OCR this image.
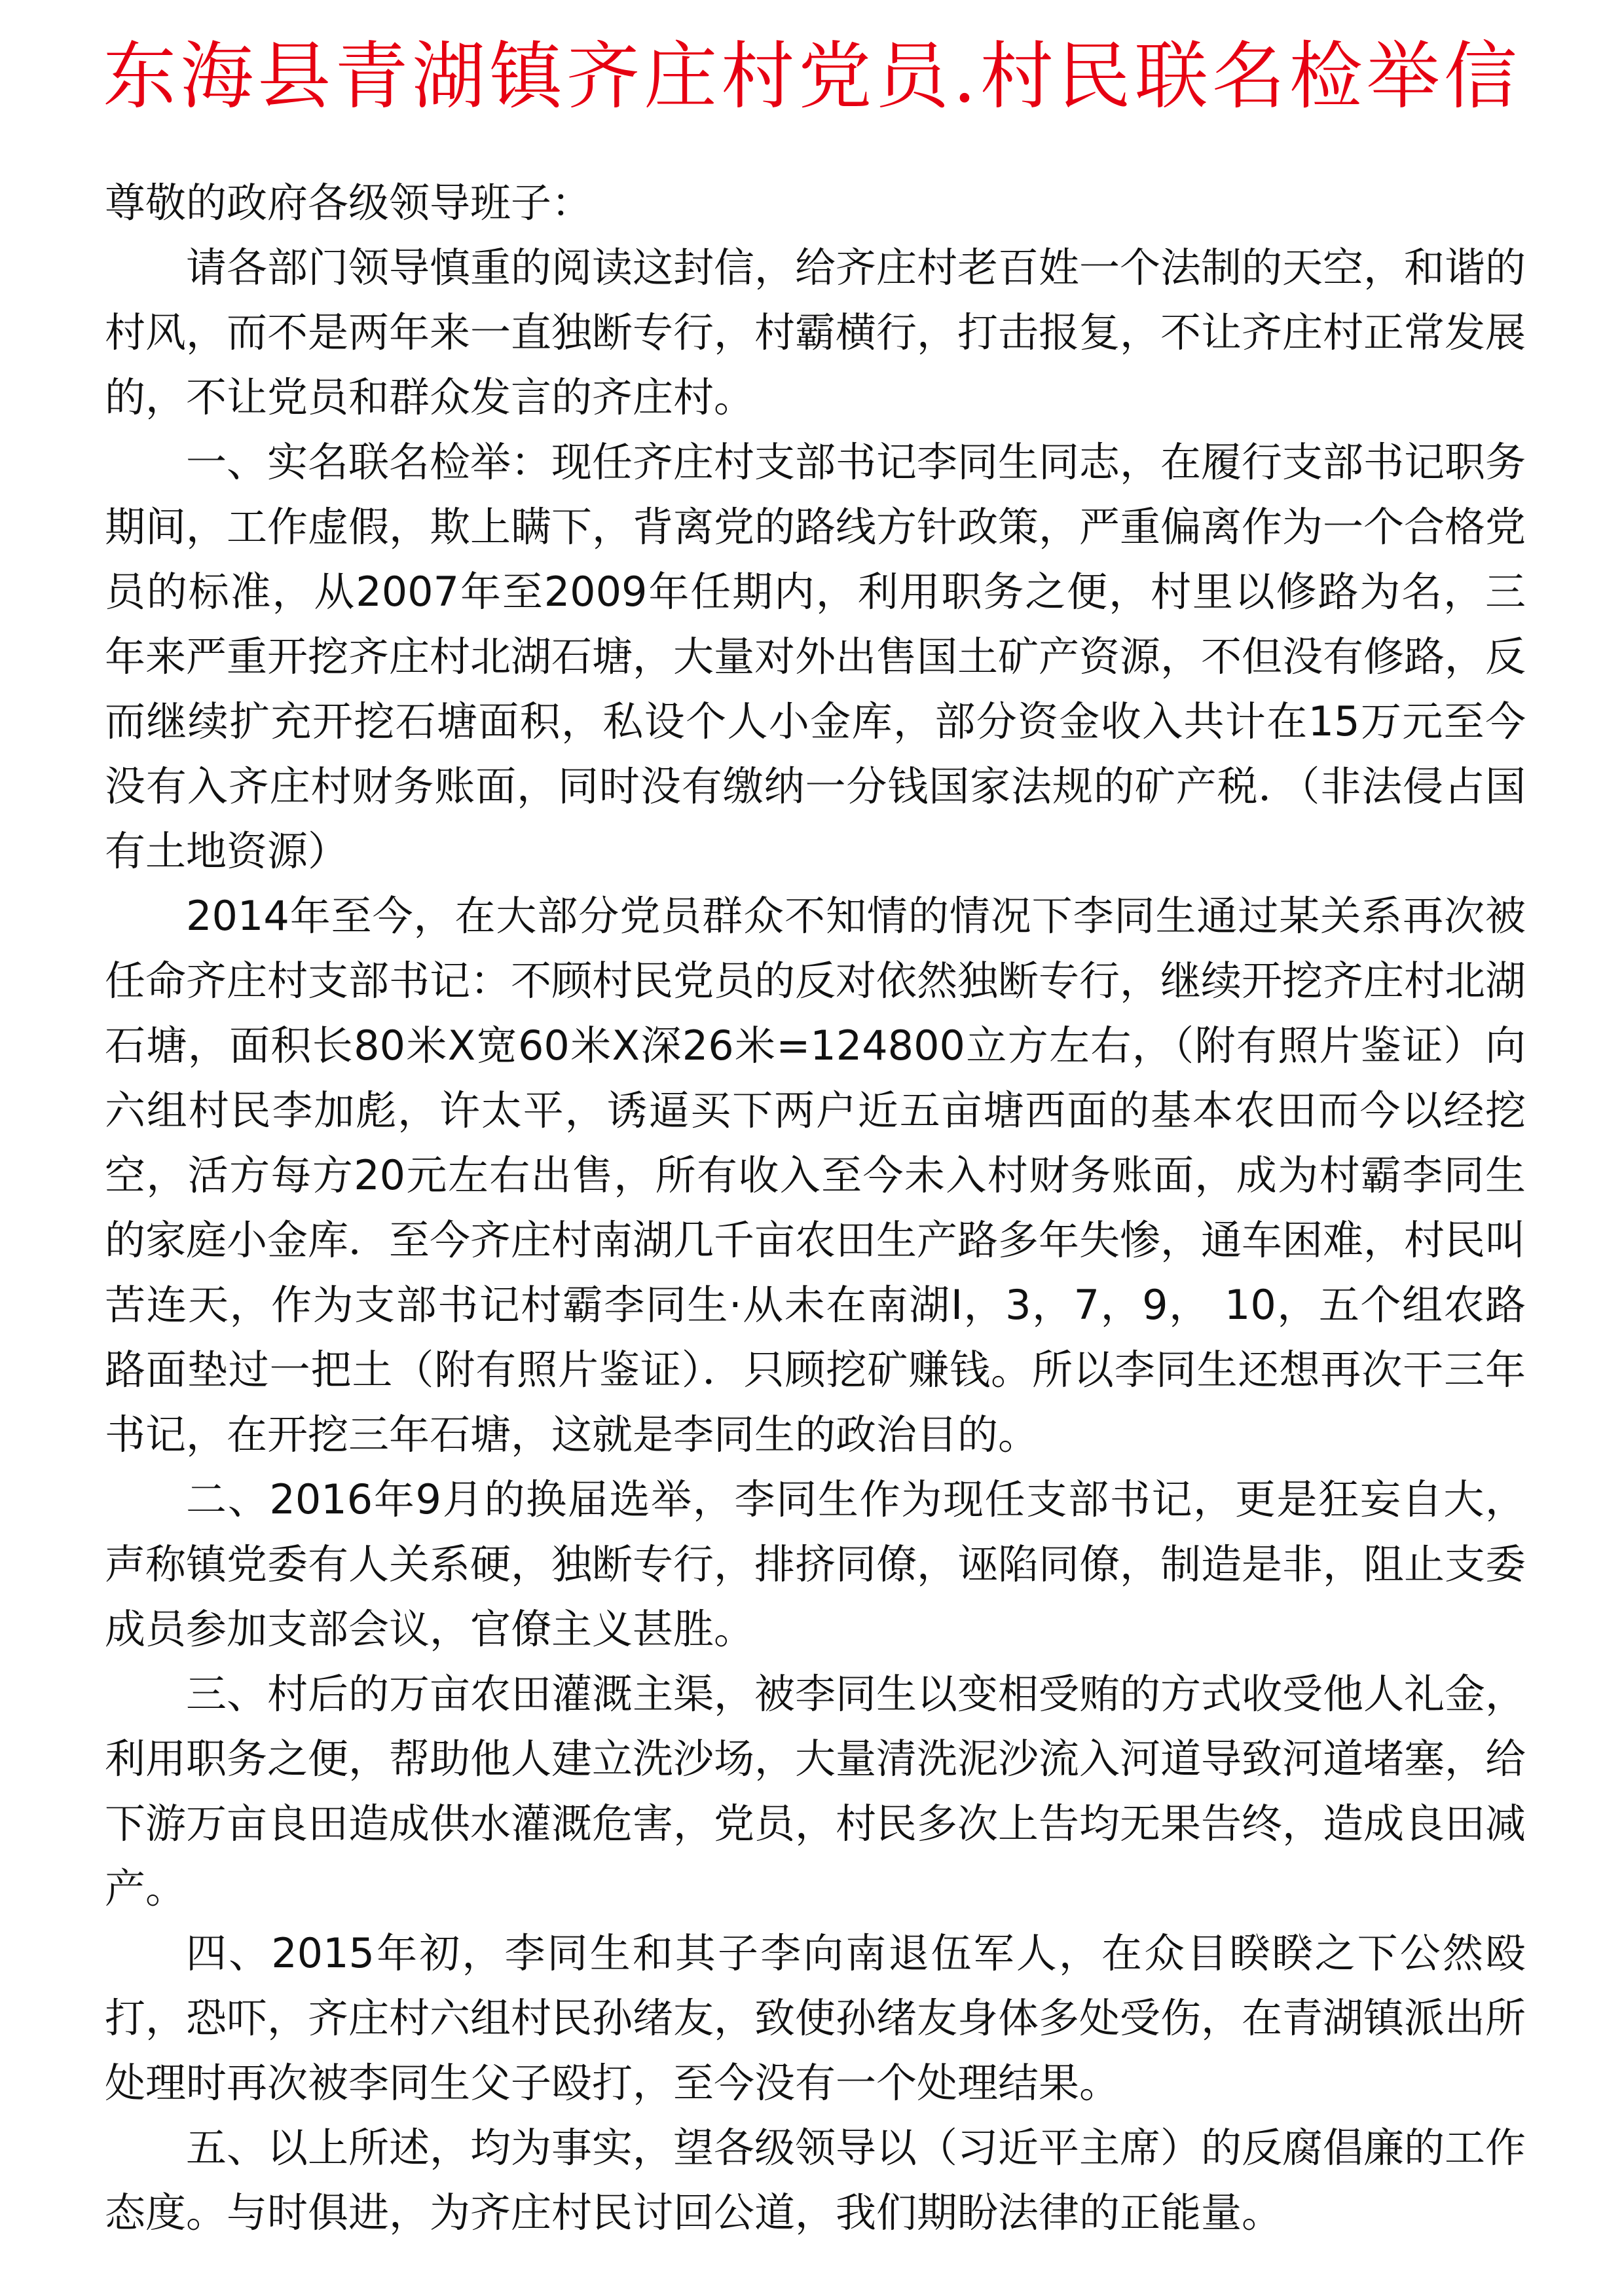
东海县青湖镇齐庄村党员.村民联名检举信

尊敬的政府各级领导班子：

请各部门领导慎重的阅读这封信，给齐庄村老百姓一个法制的天空，和谐的村风，而不是两年来一直独断专行，村霸横行，打击报复，不让齐庄村正常发展的，不让党员和群众发言的齐庄村。

一、实名联名检举：现任齐庄村支部书记李同生同志，在履行支部书记职务期间，工作虚假，欺上瞒下，背离党的路线方针政策，严重偏离作为一个合格党员的标准，从2007年至2009年任期内，利用职务之便，村里以修路为名，三年来严重开挖齐庄村北湖石塘，大量对外出售国土矿产资源，不但没有修路，反而继续扩充开挖石塘面积，私设个人小金库，部分资金收入共计在15万元至今没有入齐庄村财务账面，同时没有缴纳一分钱国家法规的矿产税．（非法侵占国有土地资源）

2014年至今，在大部分党员群众不知情的情况下李同生通过某关系再次被任命齐庄村支部书记：不顾村民党员的反对依然独断专行，继续开挖齐庄村北湖石塘，面积长80米X宽60米X深26米=124800立方左右，（附有照片鉴证）向六组村民李加彪，许太平，诱逼买下两户近五亩塘西面的基本农田而今以经挖空，活方每方20元左右出售，所有收入至今未入村财务账面，成为村霸李同生的家庭小金库．至今齐庄村南湖几千亩农田生产路多年失惨，通车困难，村民叫苦连天，作为支部书记村霸李同生·从未在南湖I，3，7，9， 10，五个组农路路面垫过一把土（附有照片鉴证）．只顾挖矿赚钱。所以李同生还想再次干三年书记，在开挖三年石塘，这就是李同生的政治目的。

二、2016年9月的换届选举，李同生作为现任支部书记，更是狂妄自大，声称镇党委有人关系硬，独断专行，排挤同僚，诬陷同僚，制造是非，阻止支委成员参加支部会议，官僚主义甚胜。

三、村后的万亩农田灌溉主渠，被李同生以变相受贿的方式收受他人礼金，利用职务之便，帮助他人建立洗沙场，大量清洗泥沙流入河道导致河道堵塞，给下游万亩良田造成供水灌溉危害，党员，村民多次上告均无果告终，造成良田减产。

四、2015年初，李同生和其子李向南退伍军人，在众目睽睽之下公然殴打，恐吓，齐庄村六组村民孙绪友，致使孙绪友身体多处受伤，在青湖镇派出所处理时再次被李同生父子殴打，至今没有一个处理结果。

五、以上所述，均为事实，望各级领导以（习近平主席）的反腐倡廉的工作态度。与时俱进，为齐庄村民讨回公道，我们期盼法律的正能量。
